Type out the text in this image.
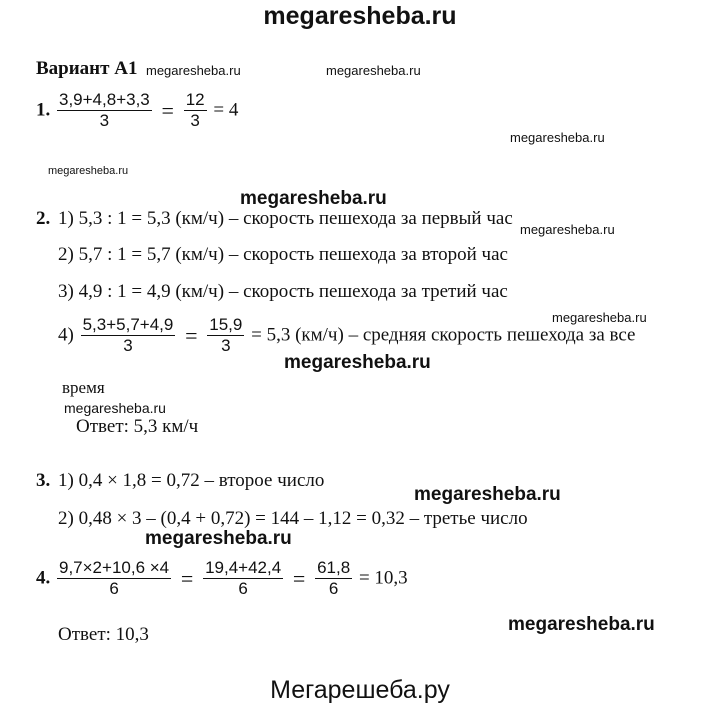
megaresheba.ru
Мегарешеба.ру
Вариант А1 megaresheba.ru	megaresheba.ru
1. $\frac{3,9+4,8+3,3}{3} = \frac{12}{3} = 4$
megaresheba.ru
megaresheba.ru
megaresheba.ru
2. 1) 5,3 : 1 = 5,3 (км/ч) – скорость пешехода за первый час
megaresheba.ru
2) 5,7 : 1 = 5,7 (км/ч) – скорость пешехода за второй час
3) 4,9 : 1 = 4,9 (км/ч) – скорость пешехода за третий час
megaresheba.ru
$4) \frac{5,3+5,7+4,9}{3} = \frac{15,9}{3} = 5,3$ (км/ч) – средняя скорость пешехода за все
megaresheba.ru
время
megaresheba.ru
Ответ: 5,3 км/ч
3. 1) 0,4 × 1,8 = 0,72 – второе число
megaresheba.ru
2) 0,48 × 3 – (0,4 + 0,72) = 144 – 1,12 = 0,32 – третье число
megaresheba.ru
4. $\frac{9,7\times 2+10,6 \times 4}{6} = \frac{19,4+42,4}{6} = \frac{61,8}{6} = 10,3$
Ответ: 10,3	megaresheba.ru
